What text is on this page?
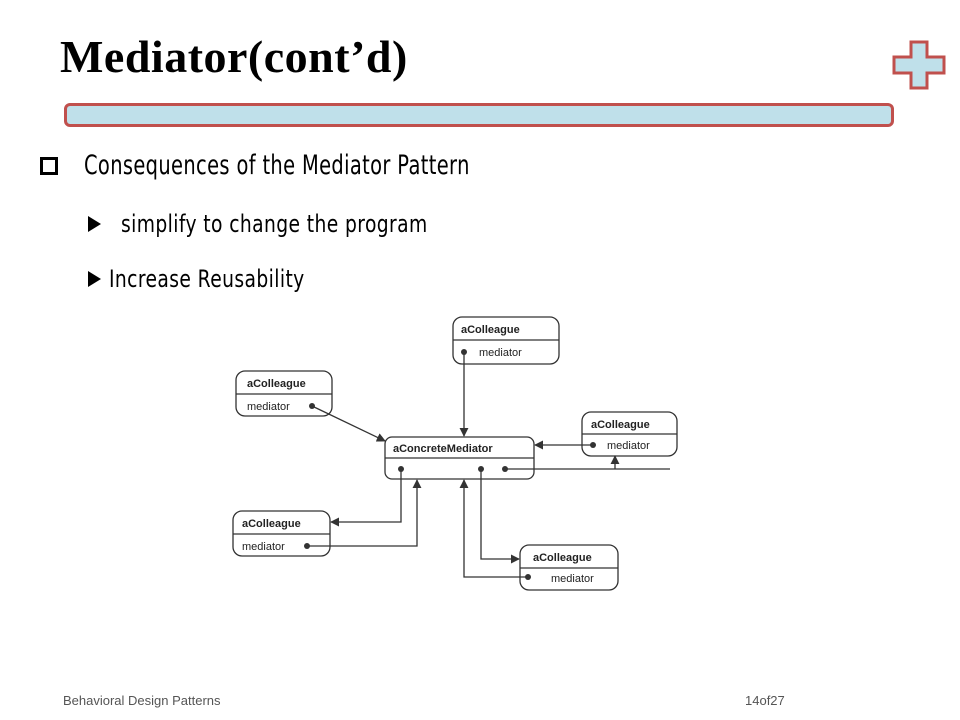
Mediator(cont’d)
Consequences of the Mediator Pattern
simplify to change the program
Increase Reusability
aColleague
mediator
aColleague
mediator
aColleague
mediator
aConcreteMediator
aColleague
mediator
aColleague
mediator
Behavioral Design Patterns	14of27
